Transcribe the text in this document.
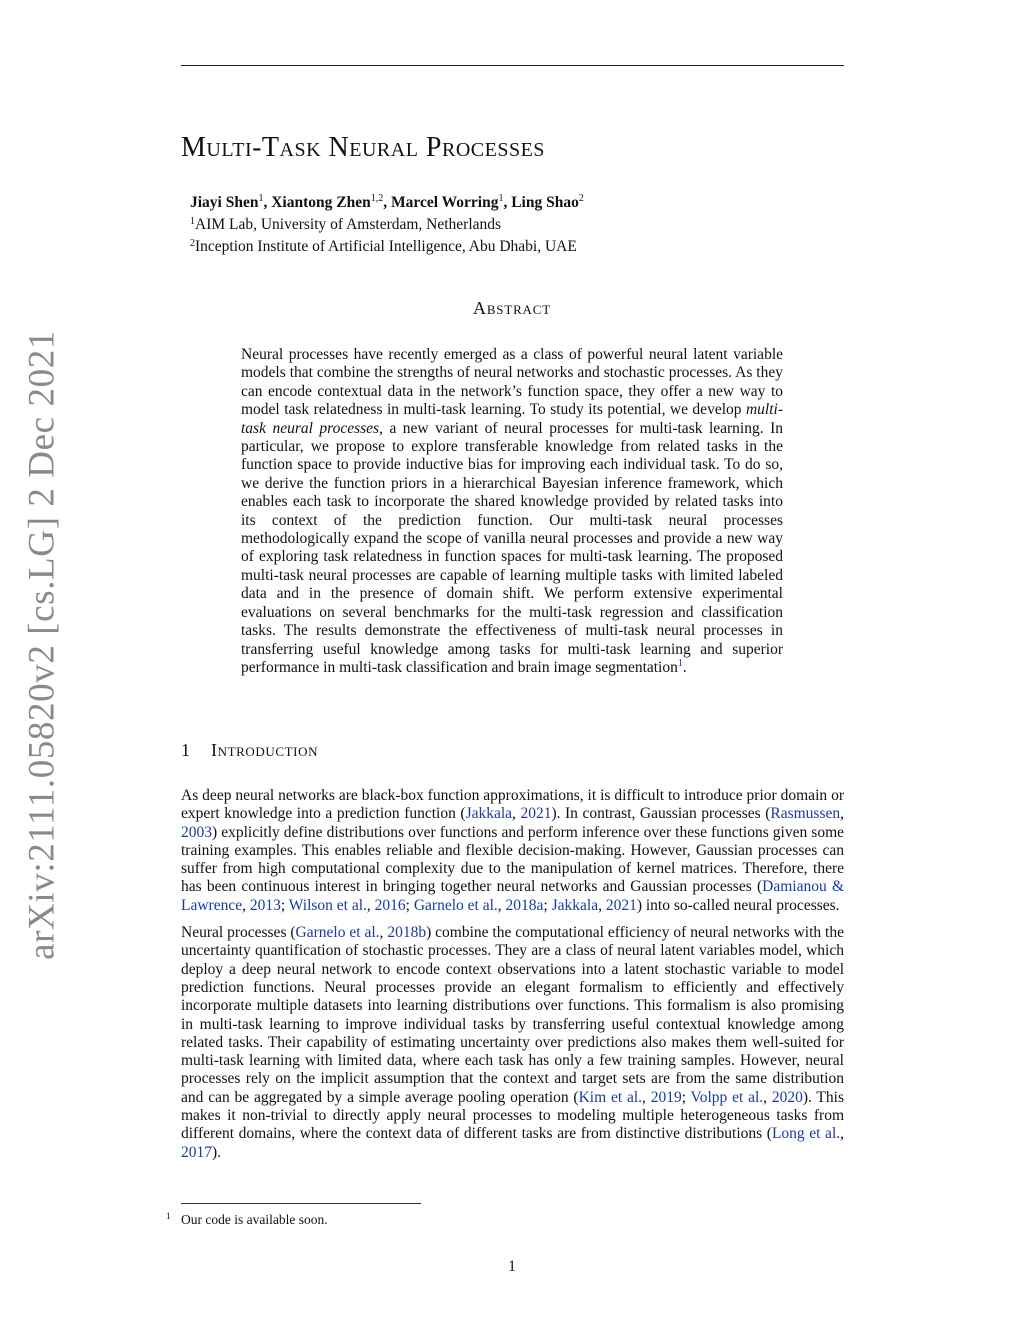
arXiv:2111.05820v2 [cs.LG] 2 Dec 2021
Multi-Task Neural Processes
Jiayi Shen$^1$, Xiantong Zhen$^{1,2}$, Marcel Worring$^1$, Ling Shao$^2$
$^1$AIM Lab, University of Amsterdam, Netherlands
$^2$Inception Institute of Artificial Intelligence, Abu Dhabi, UAE
Abstract

Neural processes have recently emerged as a class of powerful neural latent variable models that combine the strengths of neural networks and stochastic processes. As they can encode contextual data in the network’s function space, they offer a new way to model task relatedness in multi-task learning. To study its potential, we develop multi-task neural processes, a new variant of neural processes for multi-task learning. In particular, we propose to explore transferable knowledge from related tasks in the function space to provide inductive bias for improving each individual task. To do so, we derive the function priors in a hierarchical Bayesian inference framework, which enables each task to incorporate the shared knowledge provided by related tasks into its context of the prediction function. Our multi-task neural processes methodologically expand the scope of vanilla neural processes and provide a new way of exploring task relatedness in function spaces for multi-task learning. The proposed multi-task neural processes are capable of learning multiple tasks with limited labeled data and in the presence of domain shift. We perform extensive experimental evaluations on several benchmarks for the multi-task regression and classification tasks. The results demonstrate the effectiveness of multi-task neural processes in transferring useful knowledge among tasks for multi-task learning and superior performance in multi-task classification and brain image segmentation$^1$.

1 Introduction

As deep neural networks are black-box function approximations, it is difficult to introduce prior domain or expert knowledge into a prediction function (Jakkala, 2021). In contrast, Gaussian processes (Rasmussen, 2003) explicitly define distributions over functions and perform inference over these functions given some training examples. This enables reliable and flexible decision-making. However, Gaussian processes can suffer from high computational complexity due to the manipulation of kernel matrices. Therefore, there has been continuous interest in bringing together neural networks and Gaussian processes (Damianou & Lawrence, 2013; Wilson et al., 2016; Garnelo et al., 2018a; Jakkala, 2021) into so-called neural processes.

Neural processes (Garnelo et al., 2018b) combine the computational efficiency of neural networks with the uncertainty quantification of stochastic processes. They are a class of neural latent variables model, which deploy a deep neural network to encode context observations into a latent stochastic variable to model prediction functions. Neural processes provide an elegant formalism to efficiently and effectively incorporate multiple datasets into learning distributions over functions. This formalism is also promising in multi-task learning to improve individual tasks by transferring useful contextual knowledge among related tasks. Their capability of estimating uncertainty over predictions also makes them well-suited for multi-task learning with limited data, where each task has only a few training samples. However, neural processes rely on the implicit assumption that the context and target sets are from the same distribution and can be aggregated by a simple average pooling operation (Kim et al., 2019; Volpp et al., 2020). This makes it non-trivial to directly apply neural processes to modeling multiple heterogeneous tasks from different domains, where the context data of different tasks are from distinctive distributions (Long et al., 2017).

1 Our code is available soon.
1
